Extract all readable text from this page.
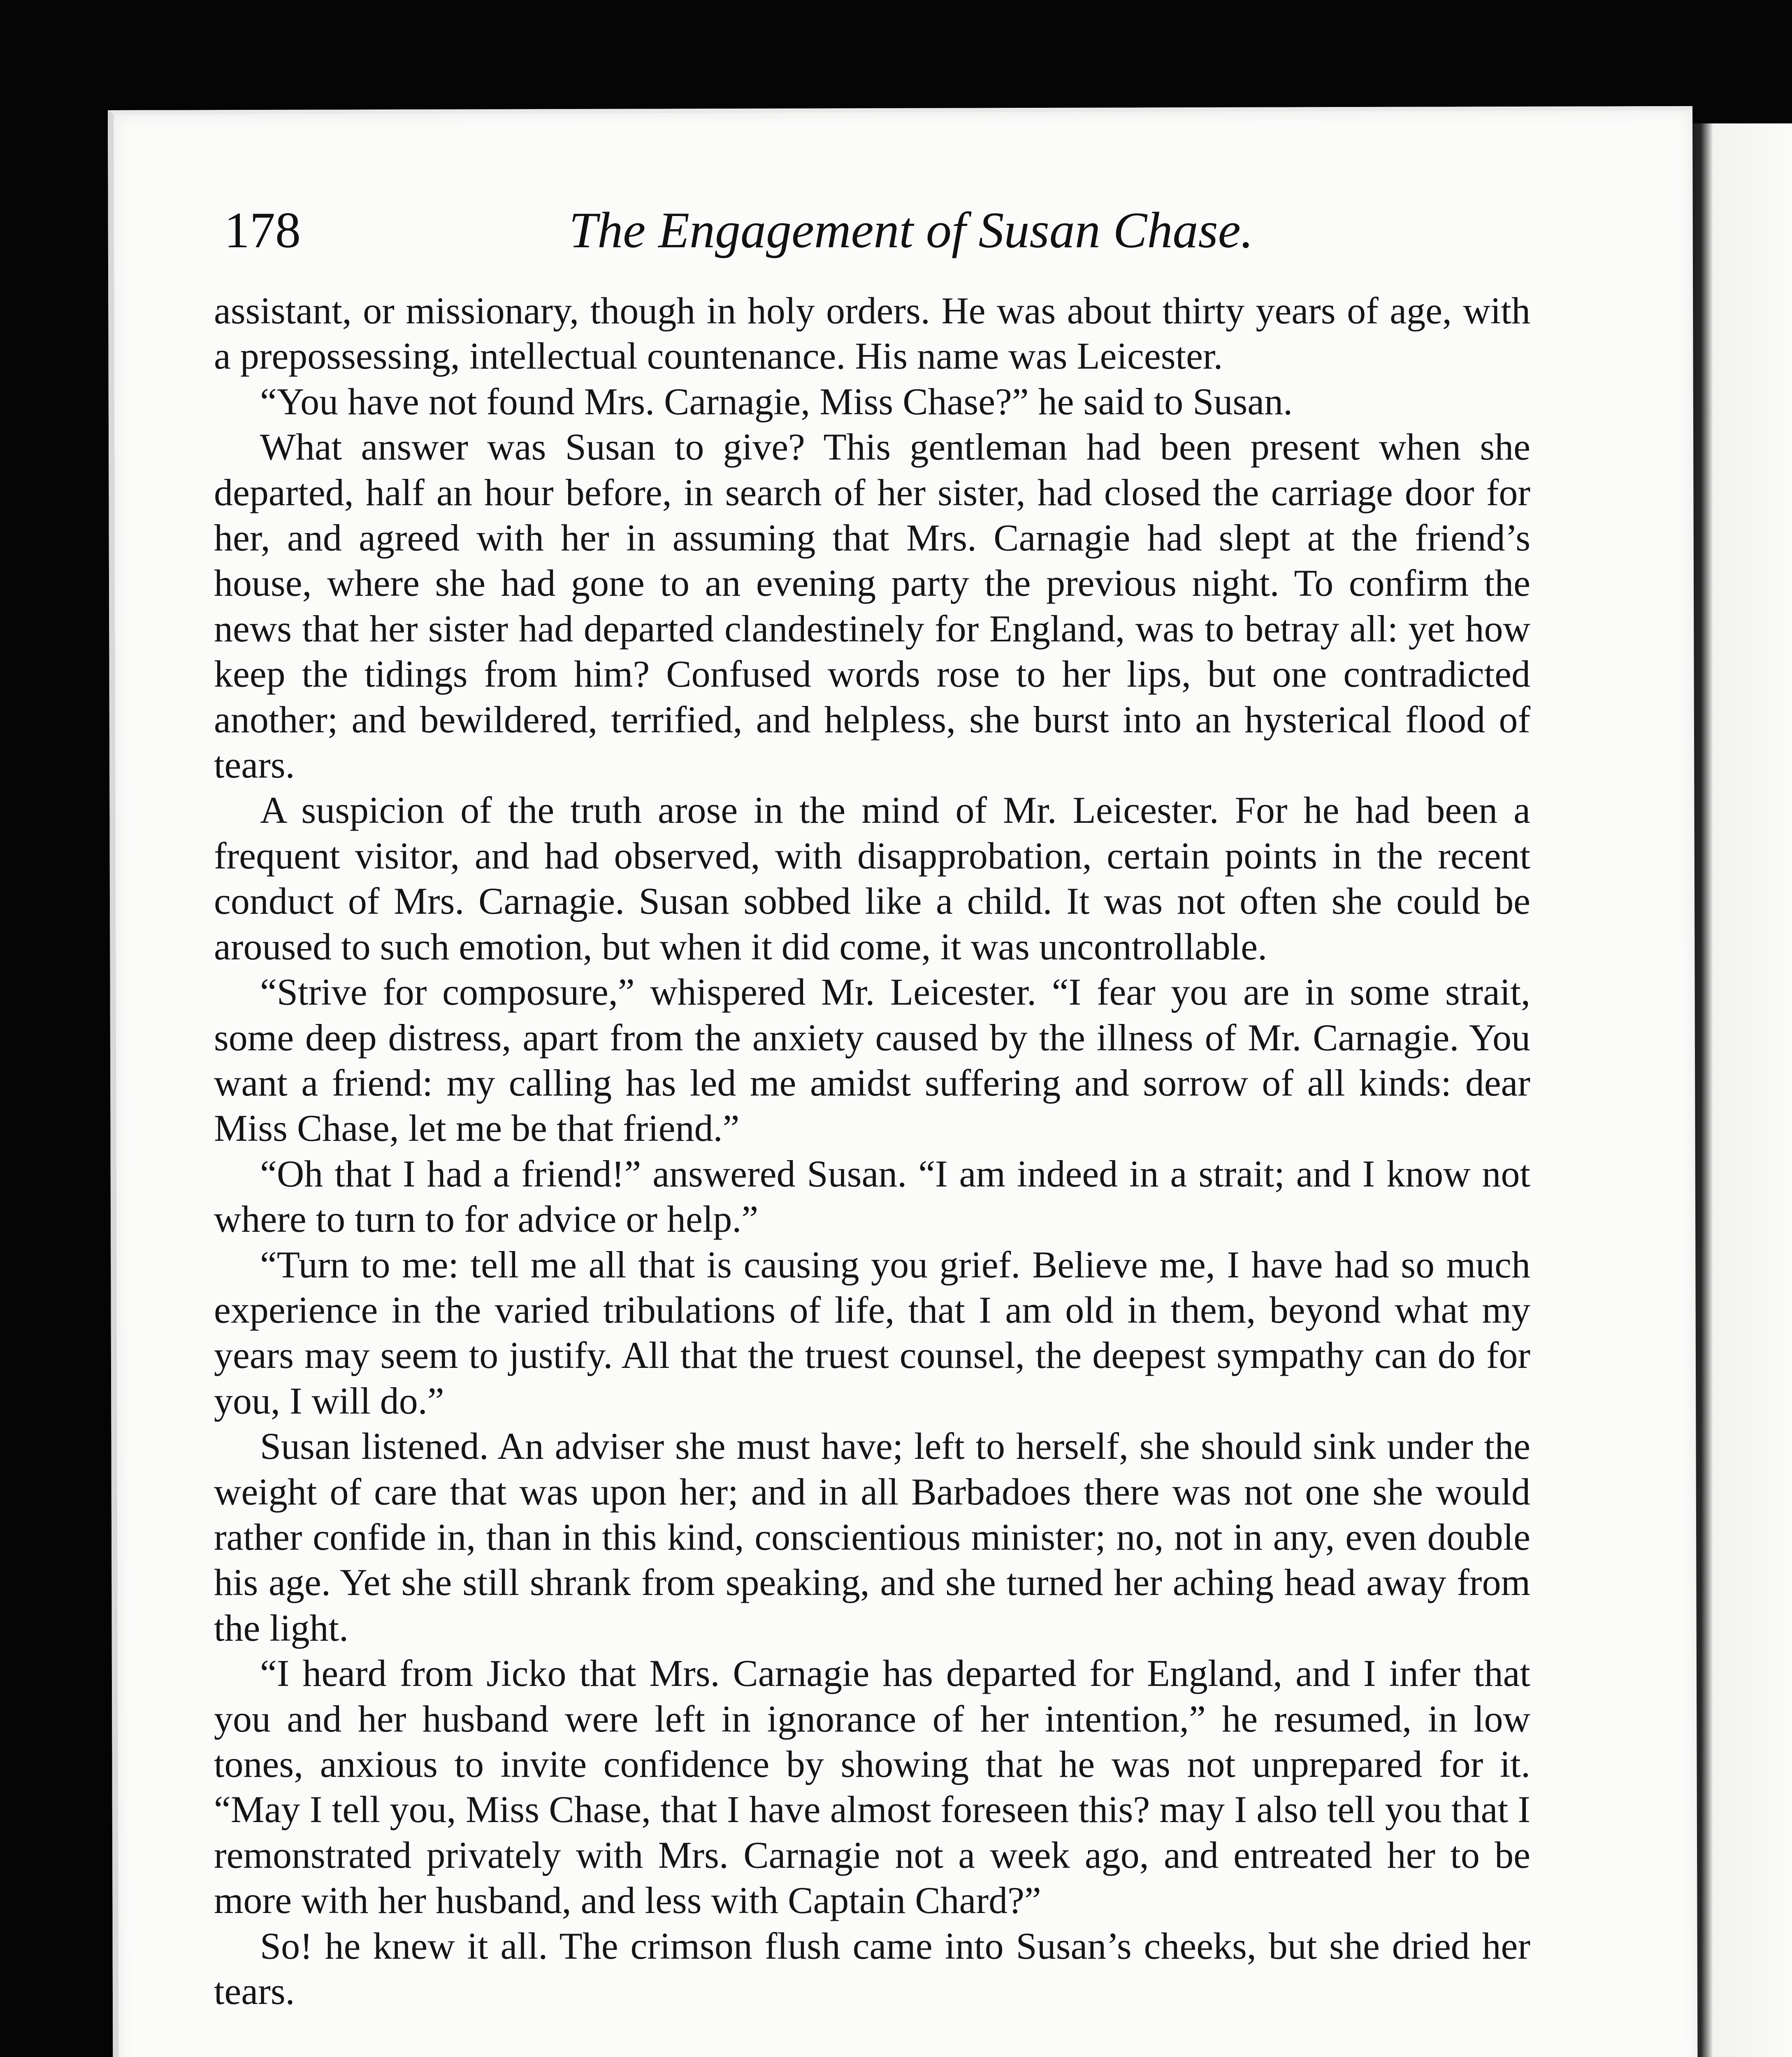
178	The Engagement of Susan Chase.

assistant, or missionary, though in holy orders. He was about thirty years of age, with a prepossessing, intellectual countenance. His name was Leicester.

“You have not found Mrs. Carnagie, Miss Chase?” he said to Susan.

What answer was Susan to give? This gentleman had been present when she departed, half an hour before, in search of her sister, had closed the carriage door for her, and agreed with her in assuming that Mrs. Carnagie had slept at the friend’s house, where she had gone to an evening party the previous night. To confirm the news that her sister had departed clandestinely for England, was to betray all: yet how keep the tidings from him? Confused words rose to her lips, but one contradicted another; and bewildered, terrified, and helpless, she burst into an hysterical flood of tears.

A suspicion of the truth arose in the mind of Mr. Leicester. For he had been a frequent visitor, and had observed, with disapprobation, certain points in the recent conduct of Mrs. Carnagie. Susan sobbed like a child. It was not often she could be aroused to such emotion, but when it did come, it was uncontrollable.

“Strive for composure,” whispered Mr. Leicester. “I fear you are in some strait, some deep distress, apart from the anxiety caused by the illness of Mr. Carnagie. You want a friend: my calling has led me amidst suffering and sorrow of all kinds: dear Miss Chase, let me be that friend.”

“Oh that I had a friend!” answered Susan. “I am indeed in a strait; and I know not where to turn to for advice or help.”

“Turn to me: tell me all that is causing you grief. Believe me, I have had so much experience in the varied tribulations of life, that I am old in them, beyond what my years may seem to justify. All that the truest counsel, the deepest sympathy can do for you, I will do.”

Susan listened. An adviser she must have; left to herself, she should sink under the weight of care that was upon her; and in all Barbadoes there was not one she would rather confide in, than in this kind, conscientious minister; no, not in any, even double his age. Yet she still shrank from speaking, and she turned her aching head away from the light.

“I heard from Jicko that Mrs. Carnagie has departed for England, and I infer that you and her husband were left in ignorance of her intention,” he resumed, in low tones, anxious to invite confidence by showing that he was not unprepared for it. “May I tell you, Miss Chase, that I have almost foreseen this? may I also tell you that I remonstrated privately with Mrs. Carnagie not a week ago, and entreated her to be more with her husband, and less with Captain Chard?”

So! he knew it all. The crimson flush came into Susan’s cheeks, but she dried her tears.
